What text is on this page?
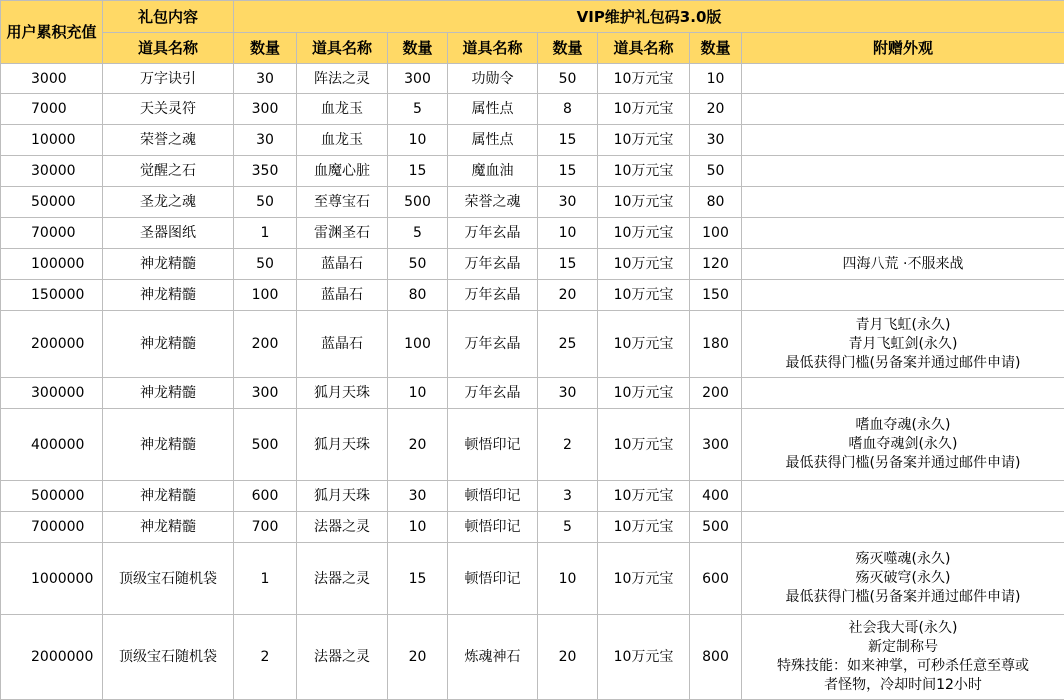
用户累积充值	礼包内容	VIP维护礼包码3.0版							
	道具名称	数量	道具名称	数量	道具名称	数量	道具名称	数量	附赠外观
3000	万字诀引	30	阵法之灵	300	功勋令	50	10万元宝	10	
7000	天关灵符	300	血龙玉	5	属性点	8	10万元宝	20	
10000	荣誉之魂	30	血龙玉	10	属性点	15	10万元宝	30	
30000	觉醒之石	350	血魔心脏	15	魔血油	15	10万元宝	50	
50000	圣龙之魂	50	至尊宝石	500	荣誉之魂	30	10万元宝	80	
70000	圣器图纸	1	雷渊圣石	5	万年玄晶	10	10万元宝	100	
100000	神龙精髓	50	蓝晶石	50	万年玄晶	15	10万元宝	120	四海八荒 ·不服来战

150000	神龙精髓	100	蓝晶石	80	万年玄晶	20	10万元宝	150	
200000	神龙精髓	200	蓝晶石	100	万年玄晶	25	10万元宝	180	青月飞虹(永久)
青月飞虹剑(永久)
最低获得门槛(另备案并通过邮件申请)

300000	神龙精髓	300	狐月天珠	10	万年玄晶	30	10万元宝	200	
400000	神龙精髓	500	狐月天珠	20	顿悟印记	2	10万元宝	300	嗜血夺魂(永久)
嗜血夺魂剑(永久)
最低获得门槛(另备案并通过邮件申请)

500000	神龙精髓	600	狐月天珠	30	顿悟印记	3	10万元宝	400	
700000	神龙精髓	700	法器之灵	10	顿悟印记	5	10万元宝	500	
1000000	顶级宝石随机袋	1	法器之灵	15	顿悟印记	10	10万元宝	600	殇灭噬魂(永久)
殇灭破穹(永久)
最低获得门槛(另备案并通过邮件申请)

2000000	顶级宝石随机袋	2	法器之灵	20	炼魂神石	20	10万元宝	800	社会我大哥(永久)
新定制称号
特殊技能：如来神掌，可秒杀任意至尊或
者怪物，冷却时间12小时
